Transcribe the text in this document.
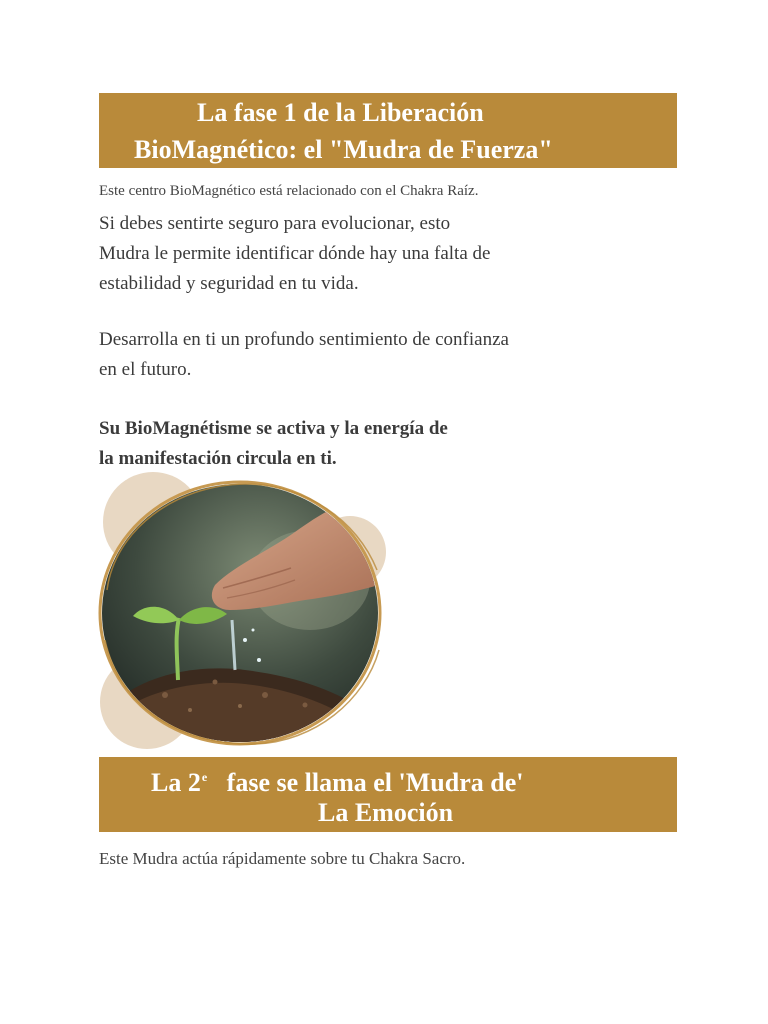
La fase 1 de la Liberación
BioMagnético: el "Mudra de Fuerza"
Este centro BioMagnético está relacionado con el Chakra Raíz.
Si debes sentirte seguro para evolucionar, esto
Mudra le permite identificar dónde hay una falta de
estabilidad y seguridad en tu vida.
Desarrolla en ti un profundo sentimiento de confianza
en el futuro.
Su BioMagnétisme se activa y la energía de
la manifestación circula en ti.
La 2e fase se llama el 'Mudra de'
La Emoción
Este Mudra actúa rápidamente sobre tu Chakra Sacro.
